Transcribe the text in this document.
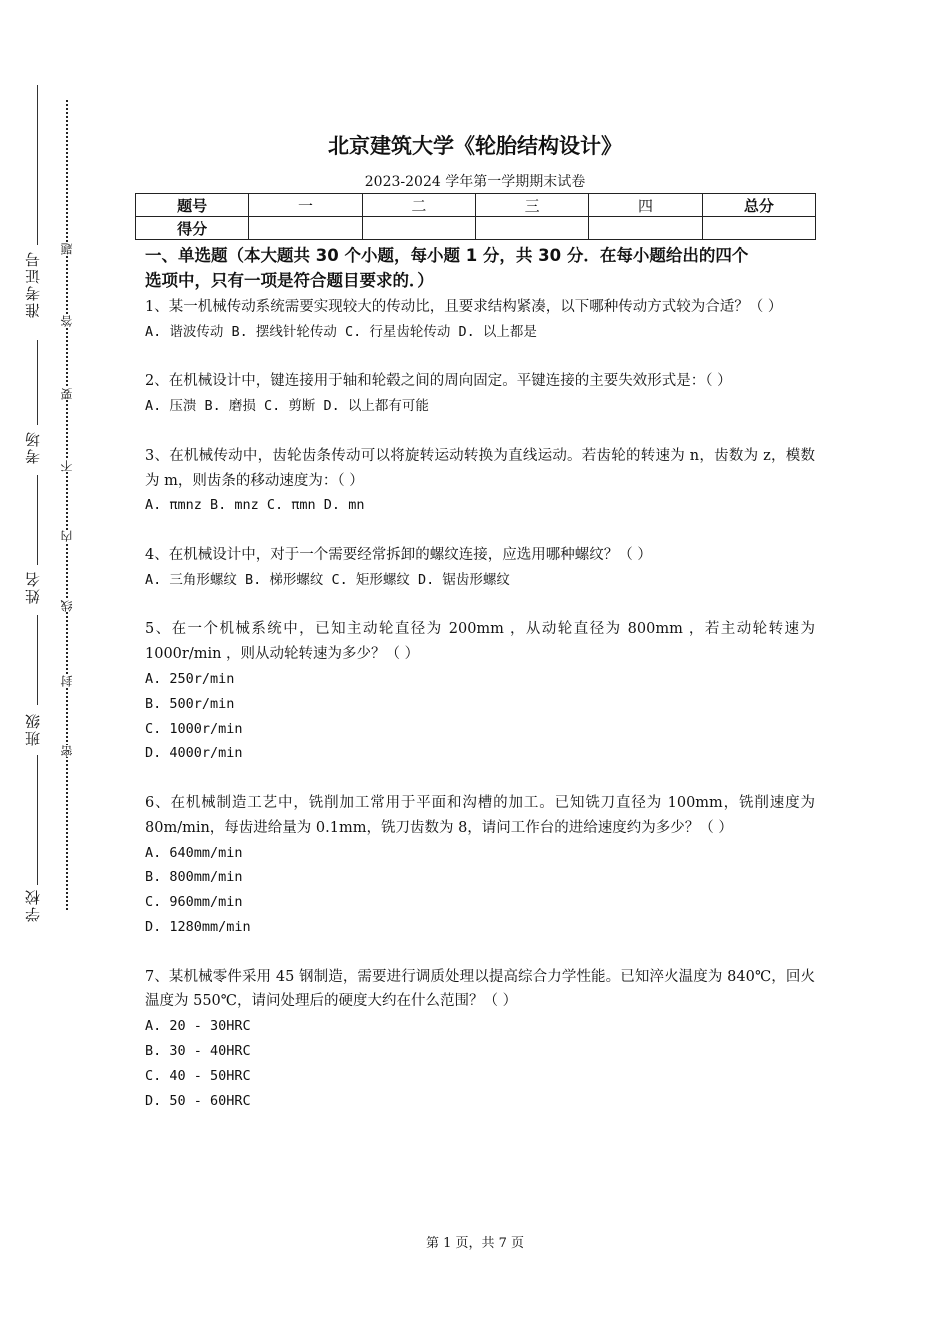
准考证号
考场
姓名
班级
学校
题
答
要
不
内
线
封
密
北京建筑大学《轮胎结构设计》
2023-2024 学年第一学期期末试卷
题号	一	二	三	四	总分
得分					
一、单选题（本大题共 30 个小题，每小题 1 分，共 30 分．在每小题给出的四个
选项中，只有一项是符合题目要求的．）

1、某一机械传动系统需要实现较大的传动比，且要求结构紧凑，以下哪种传动方式较为合适？（ ）

A. 谐波传动 B. 摆线针轮传动 C. 行星齿轮传动 D. 以上都是

2、在机械设计中，键连接用于轴和轮毂之间的周向固定。平键连接的主要失效形式是：（ ）

A. 压溃 B. 磨损 C. 剪断 D. 以上都有可能

3、在机械传动中，齿轮齿条传动可以将旋转运动转换为直线运动。若齿轮的转速为 n，齿数为 z，模数为 m，则齿条的移动速度为：（ ）

A. πmnz B. mnz C. πmn D. mn

4、在机械设计中，对于一个需要经常拆卸的螺纹连接，应选用哪种螺纹？（ ）

A. 三角形螺纹 B. 梯形螺纹 C. 矩形螺纹 D. 锯齿形螺纹

5、在一个机械系统中，已知主动轮直径为 200mm ，从动轮直径为 800mm ，若主动轮转速为 1000r/min ，则从动轮转速为多少？（ ）

A. 250r/min

B. 500r/min

C. 1000r/min

D. 4000r/min

6、在机械制造工艺中，铣削加工常用于平面和沟槽的加工。已知铣刀直径为 100mm，铣削速度为 80m/min，每齿进给量为 0.1mm，铣刀齿数为 8，请问工作台的进给速度约为多少？（ ）

A. 640mm/min

B. 800mm/min

C. 960mm/min

D. 1280mm/min

7、某机械零件采用 45 钢制造，需要进行调质处理以提高综合力学性能。已知淬火温度为 840℃，回火温度为 550℃，请问处理后的硬度大约在什么范围？（ ）

A. 20 - 30HRC

B. 30 - 40HRC

C. 40 - 50HRC

D. 50 - 60HRC

第 1 页，共 7 页
